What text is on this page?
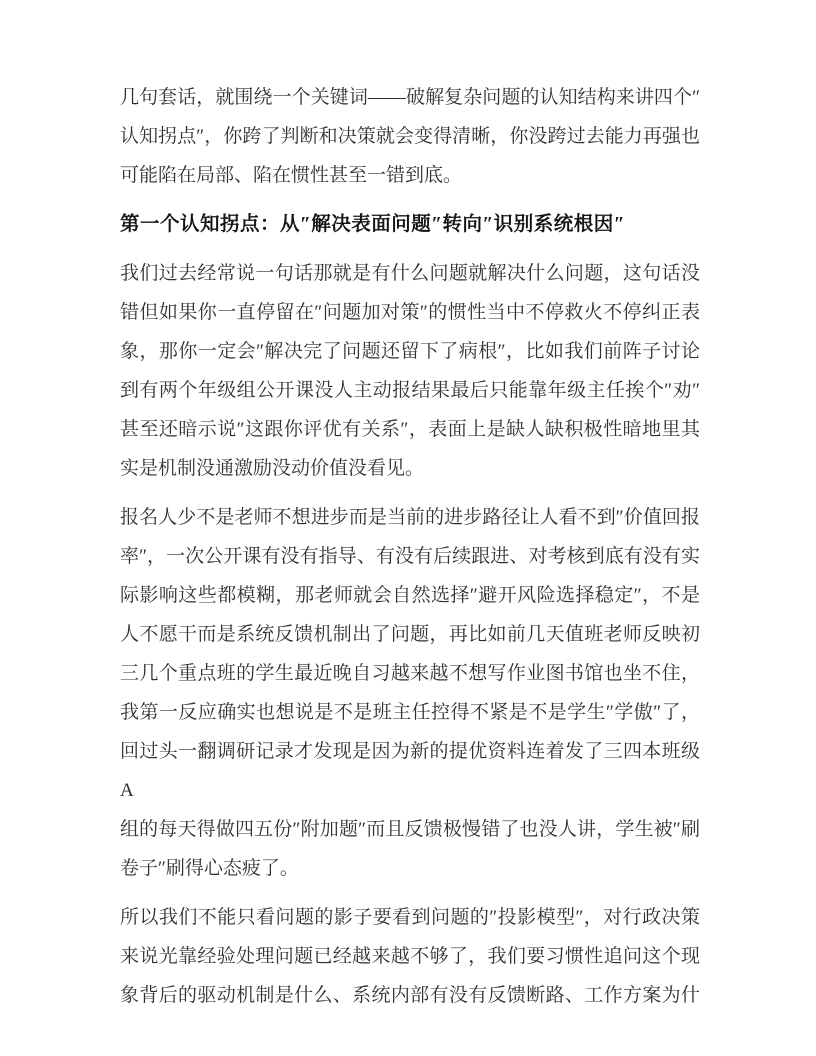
几句套话，就围绕一个关键词——破解复杂问题的认知结构来讲四个″
认知拐点″，你跨了判断和决策就会变得清晰，你没跨过去能力再强也
可能陷在局部、陷在惯性甚至一错到底。

第一个认知拐点：从″解决表面问题″转向″识别系统根因″

我们过去经常说一句话那就是有什么问题就解决什么问题，这句话没
错但如果你一直停留在″问题加对策″的惯性当中不停救火不停纠正表
象，那你一定会″解决完了问题还留下了病根″，比如我们前阵子讨论
到有两个年级组公开课没人主动报结果最后只能靠年级主任挨个″劝″
甚至还暗示说″这跟你评优有关系″，表面上是缺人缺积极性暗地里其
实是机制没通激励没动价值没看见。

报名人少不是老师不想进步而是当前的进步路径让人看不到″价值回报
率″，一次公开课有没有指导、有没有后续跟进、对考核到底有没有实
际影响这些都模糊，那老师就会自然选择″避开风险选择稳定″，不是
人不愿干而是系统反馈机制出了问题，再比如前几天值班老师反映初
三几个重点班的学生最近晚自习越来越不想写作业图书馆也坐不住，
我第一反应确实也想说是不是班主任控得不紧是不是学生″学傲″了，
回过头一翻调研记录才发现是因为新的提优资料连着发了三四本班级 A
组的每天得做四五份″附加题″而且反馈极慢错了也没人讲，学生被″刷
卷子″刷得心态疲了。

所以我们不能只看问题的影子要看到问题的″投影模型″，对行政决策
来说光靠经验处理问题已经越来越不够了，我们要习惯性追问这个现
象背后的驱动机制是什么、系统内部有没有反馈断路、工作方案为什
